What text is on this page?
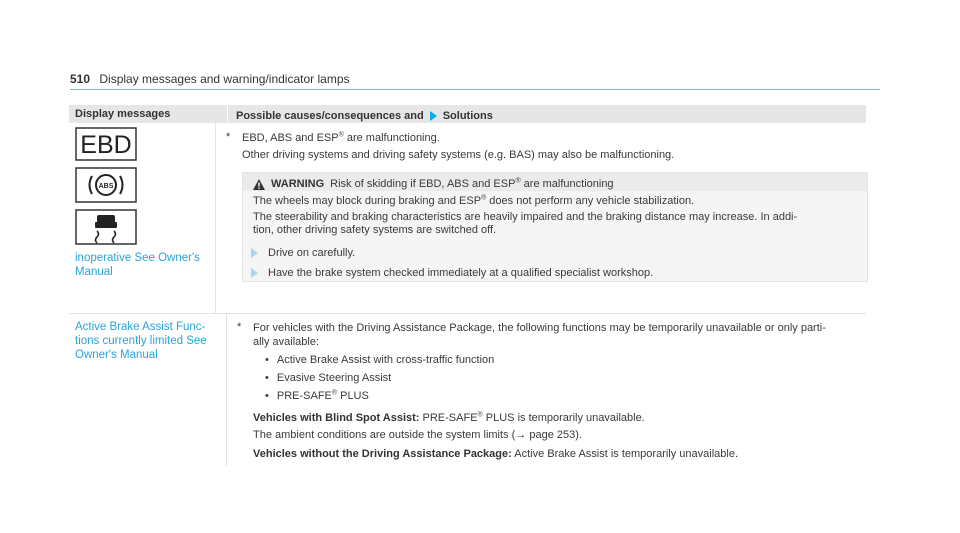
510 Display messages and warning/indicator lamps
Display messages	Possible causes/consequences and Solutions
EBD
ABS
inoperative See Owner's Manual
*	EBD, ABS and ESP® are malfunctioning.
Other driving systems and driving safety systems (e.g. BAS) may also be malfunctioning.
WARNING Risk of skidding if EBD, ABS and ESP® are malfunctioning
The wheels may block during braking and ESP® does not perform any vehicle stabilization.
The steerability and braking characteristics are heavily impaired and the braking distance may increase. In addi-
tion, other driving safety systems are switched off.
Drive on carefully.
Have the brake system checked immediately at a qualified specialist workshop.
Active Brake Assist Func-
tions currently limited See
Owner's Manual
*	For vehicles with the Driving Assistance Package, the following functions may be temporarily unavailable or only parti-
ally available:
• Active Brake Assist with cross-traffic function
• Evasive Steering Assist
• PRE-SAFE® PLUS
Vehicles with Blind Spot Assist: PRE-SAFE® PLUS is temporarily unavailable.
The ambient conditions are outside the system limits (→ page 253).
Vehicles without the Driving Assistance Package: Active Brake Assist is temporarily unavailable.
